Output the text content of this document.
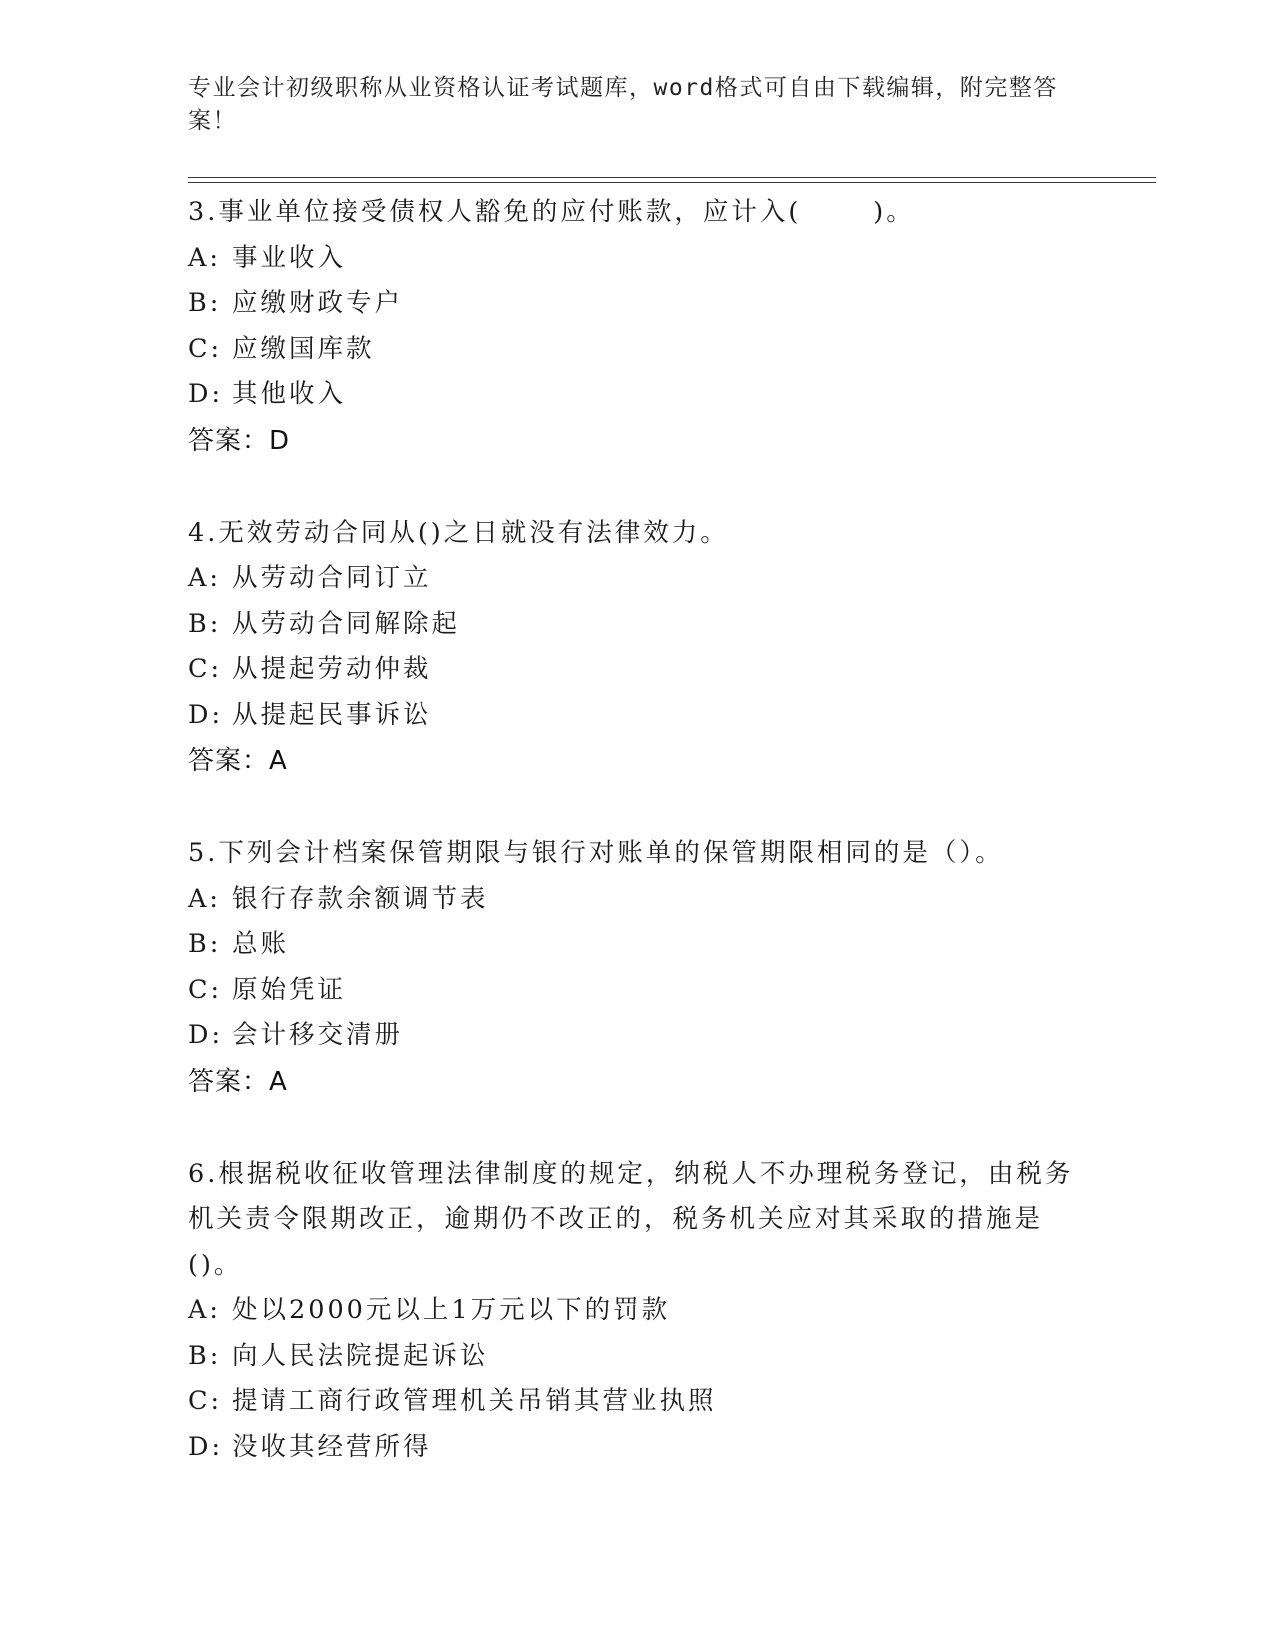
专业会计初级职称从业资格认证考试题库，word格式可自由下载编辑，附完整答案！
3.事业单位接受债权人豁免的应付账款，应计入(	)。
A: 事业收入
B: 应缴财政专户
C: 应缴国库款
D: 其他收入
答案：D
4.无效劳动合同从()之日就没有法律效力。
A: 从劳动合同订立
B: 从劳动合同解除起
C: 从提起劳动仲裁
D: 从提起民事诉讼
答案：A
5.下列会计档案保管期限与银行对账单的保管期限相同的是（）。
A: 银行存款余额调节表
B: 总账
C: 原始凭证
D: 会计移交清册
答案：A
6.根据税收征收管理法律制度的规定，纳税人不办理税务登记，由税务机关责令限期改正，逾期仍不改正的，税务机关应对其采取的措施是()。
A: 处以2000元以上1万元以下的罚款
B: 向人民法院提起诉讼
C: 提请工商行政管理机关吊销其营业执照
D: 没收其经营所得
